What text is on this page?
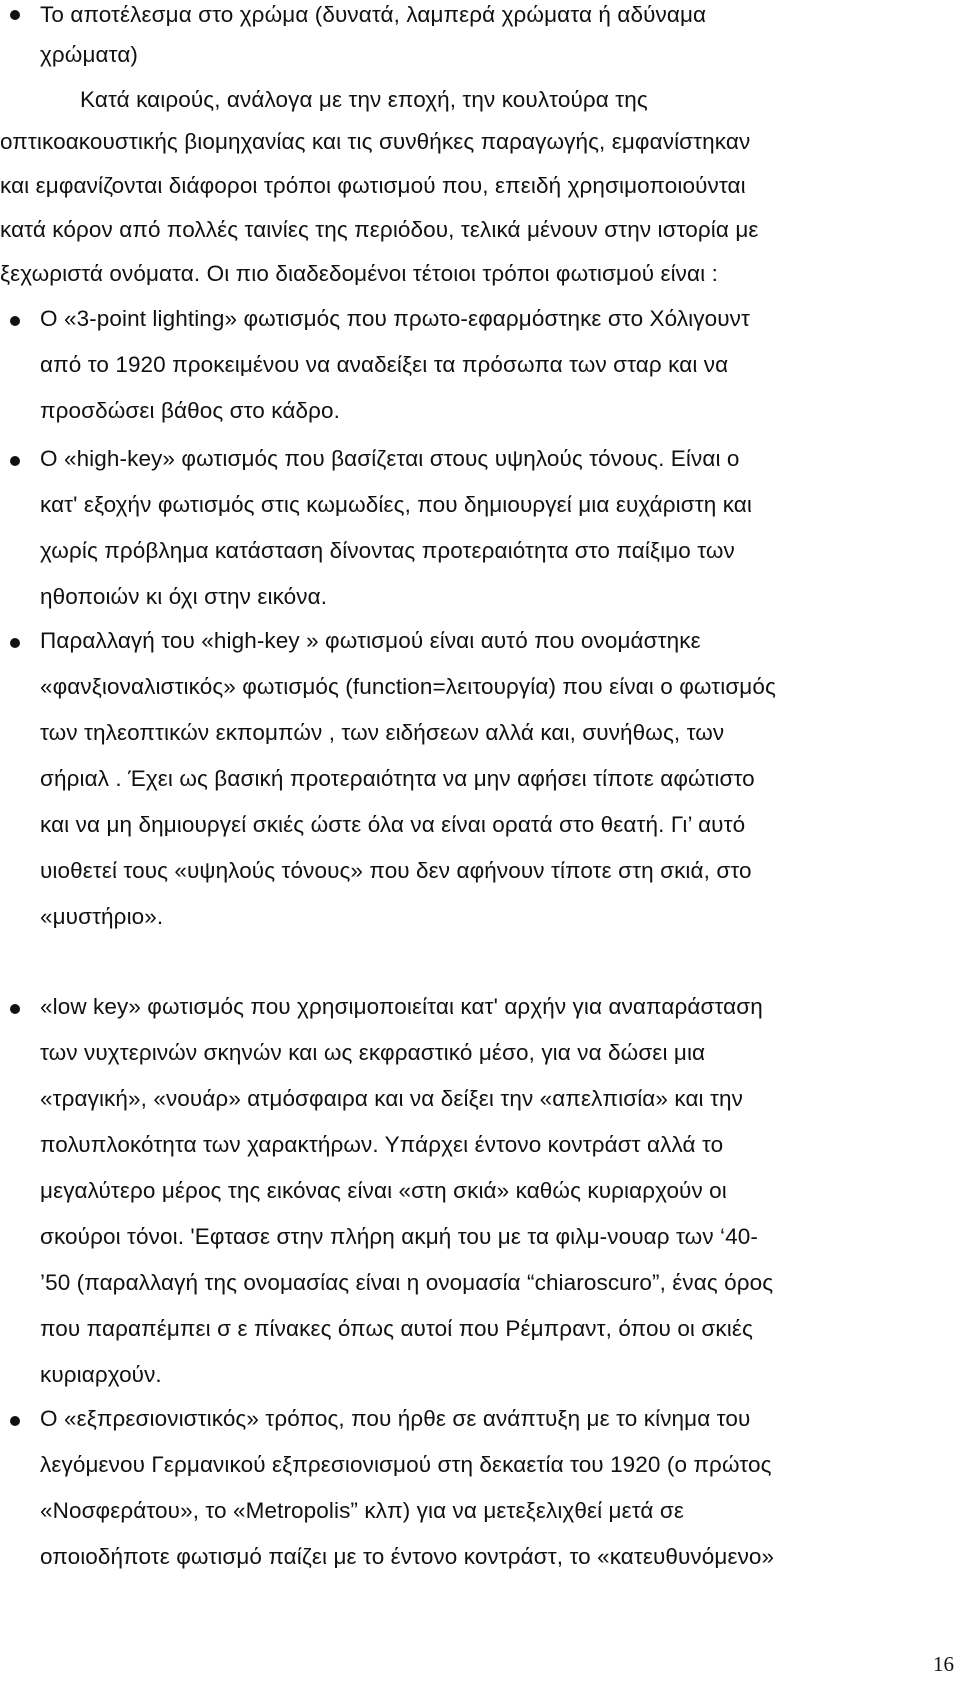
Το αποτέλεσμα στο χρώμα (δυνατά, λαμπερά χρώματα ή αδύναμα
χρώματα)
Κατά καιρούς, ανάλογα με την εποχή, την κουλτούρα της
οπτικοακουστικής βιομηχανίας και τις συνθήκες παραγωγής, εμφανίστηκαν
και εμφανίζονται διάφοροι τρόποι φωτισμού που, επειδή χρησιμοποιούνται
κατά κόρον από πολλές ταινίες της περιόδου, τελικά μένουν στην ιστορία με
ξεχωριστά ονόματα. Οι πιο διαδεδομένοι τέτοιοι τρόποι φωτισμού είναι :
Ο «3-point lighting» φωτισμός που πρωτο-εφαρμόστηκε στο Χόλιγουντ
από το 1920 προκειμένου να αναδείξει τα πρόσωπα των σταρ και να
προσδώσει βάθος στο κάδρο.
Ο «high-key» φωτισμός που βασίζεται στους υψηλούς τόνους. Είναι ο
κατ' εξοχήν φωτισμός στις κωμωδίες, που δημιουργεί μια ευχάριστη και
χωρίς πρόβλημα κατάσταση δίνοντας προτεραιότητα στο παίξιμο των
ηθοποιών κι όχι στην εικόνα.
Παραλλαγή του «high-key » φωτισμού είναι αυτό που ονομάστηκε
«φανξιοναλιστικός» φωτισμός (function=λειτουργία) που είναι ο φωτισμός
των τηλεοπτικών εκπομπών , των ειδήσεων αλλά και, συνήθως, των
σήριαλ . Έχει ως βασική προτεραιότητα να μην αφήσει τίποτε αφώτιστο
και να μη δημιουργεί σκιές ώστε όλα να είναι ορατά στο θεατή. Γι’ αυτό
υιοθετεί τους «υψηλούς τόνους» που δεν αφήνουν τίποτε στη σκιά, στο
«μυστήριο».
«low key» φωτισμός που χρησιμοποιείται κατ' αρχήν για αναπαράσταση
των νυχτερινών σκηνών και ως εκφραστικό μέσο, για να δώσει μια
«τραγική», «νουάρ» ατμόσφαιρα και να δείξει την «απελπισία» και την
πολυπλοκότητα των χαρακτήρων. Υπάρχει έντονο κοντράστ αλλά το
μεγαλύτερο μέρος της εικόνας είναι «στη σκιά» καθώς κυριαρχούν οι
σκούροι τόνοι. 'Εφτασε στην πλήρη ακμή του με τα φιλμ-νουαρ των ‘40-
’50 (παραλλαγή της ονομασίας είναι η ονομασία “chiaroscuro”, ένας όρος
που παραπέμπει σ ε πίνακες όπως αυτοί που Ρέμπραντ, όπου οι σκιές
κυριαρχούν.
Ο «εξπρεσιονιστικός» τρόπος, που ήρθε σε ανάπτυξη με το κίνημα του
λεγόμενου Γερμανικού εξπρεσιονισμού στη δεκαετία του 1920 (ο πρώτος
«Νοσφεράτου», το «Metropolis” κλπ) για να μετεξελιχθεί μετά σε
οποιοδήποτε φωτισμό παίζει με το έντονο κοντράστ, το «κατευθυνόμενο»
16
